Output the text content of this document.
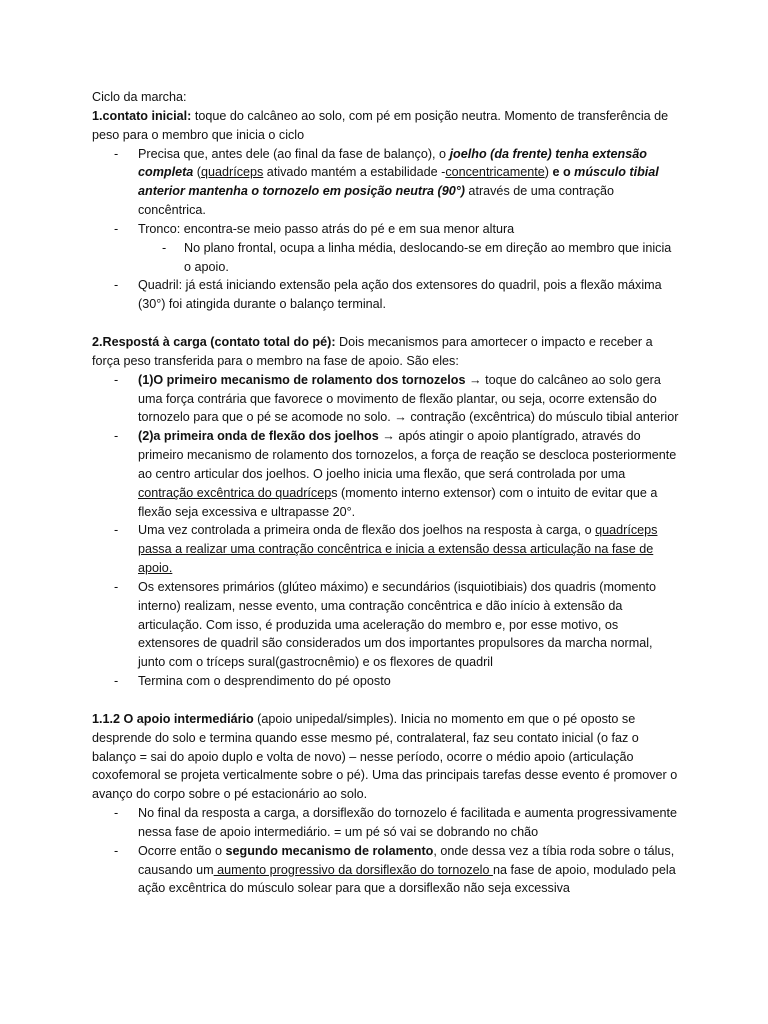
Ciclo da marcha:

1.contato inicial: toque do calcâneo ao solo, com pé em posição neutra. Momento de transferência de peso para o membro que inicia o ciclo

- Precisa que, antes dele (ao final da fase de balanço), o joelho (da frente) tenha extensão completa (quadríceps ativado mantém a estabilidade -concentricamente) e o músculo tibial anterior mantenha o tornozelo em posição neutra (90°) através de uma contração concêntrica.
- Tronco: encontra-se meio passo atrás do pé e em sua menor altura
- No plano frontal, ocupa a linha média, deslocando-se em direção ao membro que inicia o apoio.
- Quadril: já está iniciando extensão pela ação dos extensores do quadril, pois a flexão máxima (30°) foi atingida durante o balanço terminal.

2.Respostá à carga (contato total do pé): Dois mecanismos para amortecer o impacto e receber a força peso transferida para o membro na fase de apoio. São eles:

- (1)O primeiro mecanismo de rolamento dos tornozelos → toque do calcâneo ao solo gera uma força contrária que favorece o movimento de flexão plantar, ou seja, ocorre extensão do tornozelo para que o pé se acomode no solo. → contração (excêntrica) do músculo tibial anterior
- (2)a primeira onda de flexão dos joelhos → após atingir o apoio plantígrado, através do primeiro mecanismo de rolamento dos tornozelos, a força de reação se descloca posteriormente ao centro articular dos joelhos. O joelho inicia uma flexão, que será controlada por uma contração excêntrica do quadríceps (momento interno extensor) com o intuito de evitar que a flexão seja excessiva e ultrapasse 20°.
- Uma vez controlada a primeira onda de flexão dos joelhos na resposta à carga, o quadríceps passa a realizar uma contração concêntrica e inicia a extensão dessa articulação na fase de apoio.
- Os extensores primários (glúteo máximo) e secundários (isquiotibiais) dos quadris (momento interno) realizam, nesse evento, uma contração concêntrica e dão início à extensão da articulação. Com isso, é produzida uma aceleração do membro e, por esse motivo, os extensores de quadril são considerados um dos importantes propulsores da marcha normal, junto com o tríceps sural(gastrocnêmio) e os flexores de quadril
- Termina com o desprendimento do pé oposto

1.1.2 O apoio intermediário (apoio unipedal/simples). Inicia no momento em que o pé oposto se desprende do solo e termina quando esse mesmo pé, contralateral, faz seu contato inicial (o faz o balanço = sai do apoio duplo e volta de novo) – nesse período, ocorre o médio apoio (articulação coxofemoral se projeta verticalmente sobre o pé). Uma das principais tarefas desse evento é promover o avanço do corpo sobre o pé estacionário ao solo.

- No final da resposta a carga, a dorsiflexão do tornozelo é facilitada e aumenta progressivamente nessa fase de apoio intermediário. = um pé só vai se dobrando no chão
- Ocorre então o segundo mecanismo de rolamento, onde dessa vez a tíbia roda sobre o tálus, causando um aumento progressivo da dorsiflexão do tornozelo na fase de apoio, modulado pela ação excêntrica do músculo solear para que a dorsiflexão não seja excessiva
